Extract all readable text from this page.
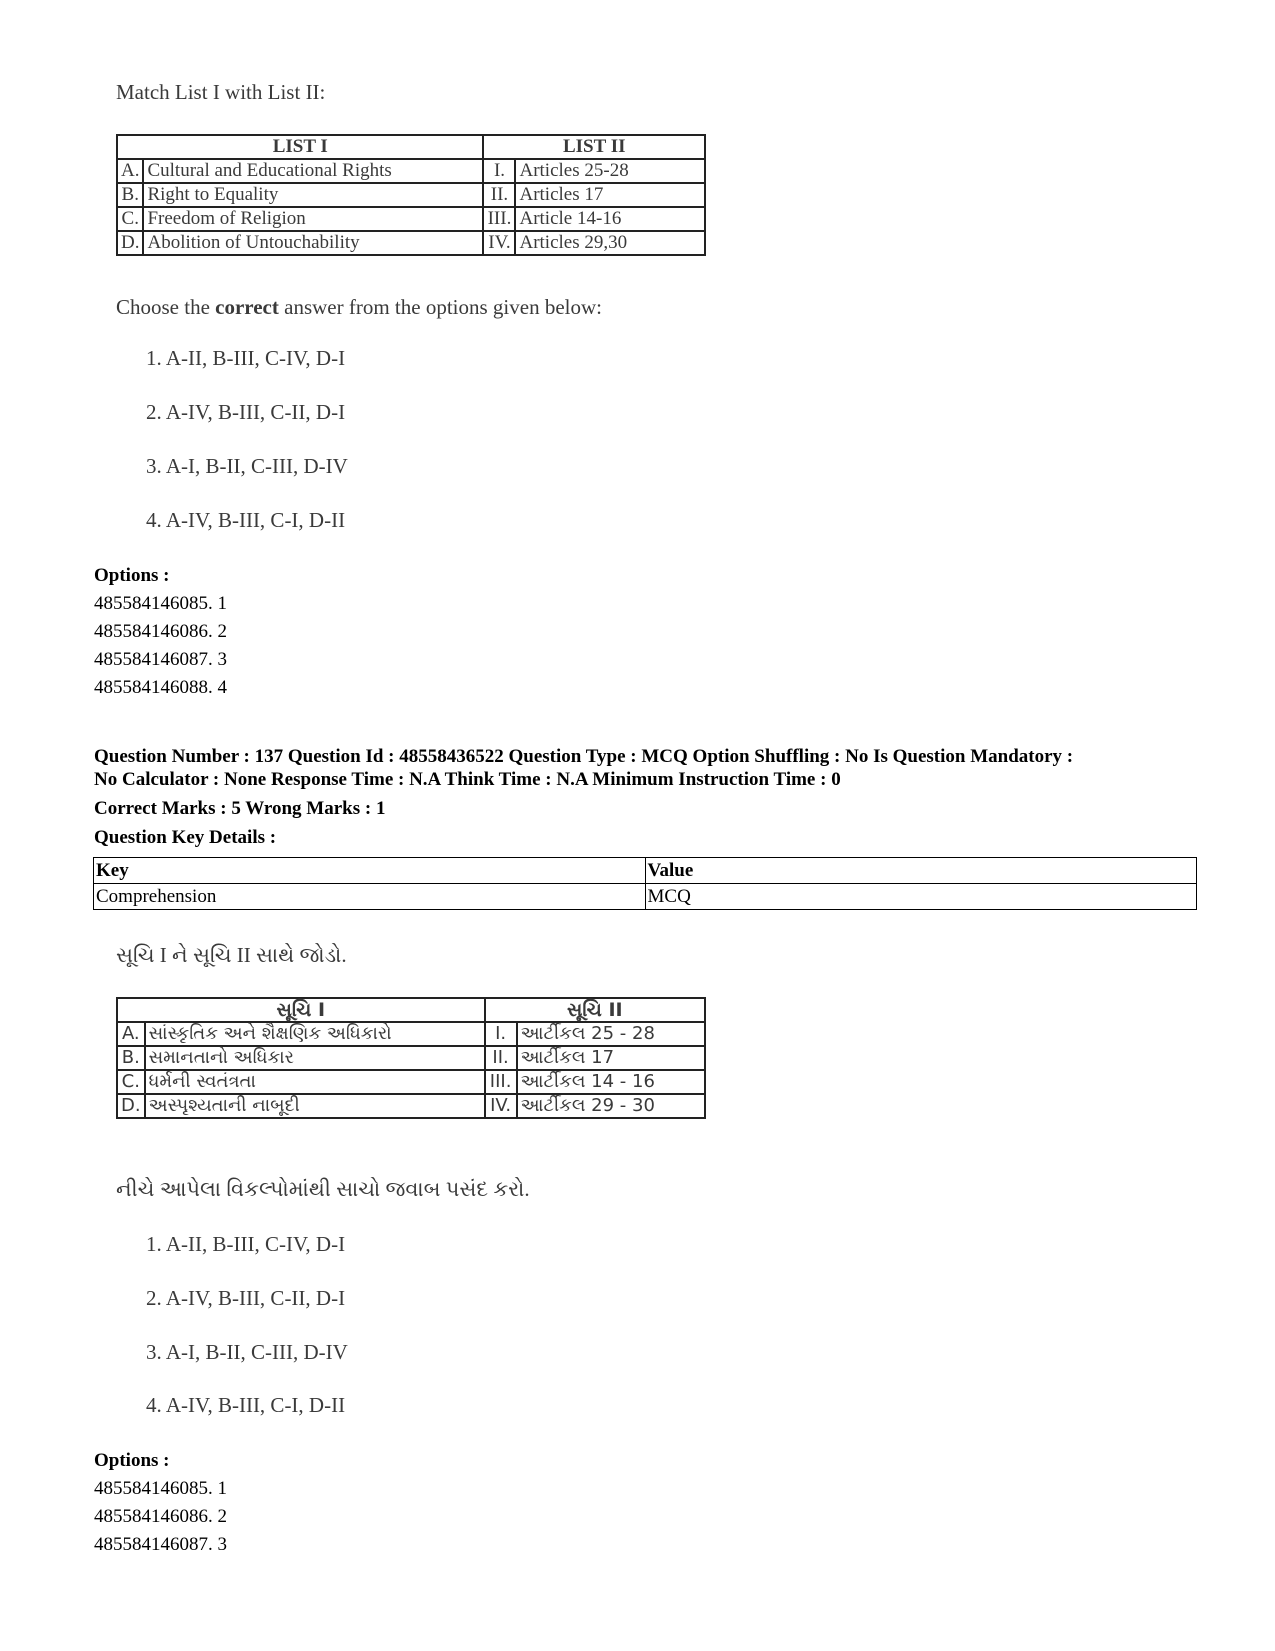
Match List I with List II:

LIST I		LIST II	
A.	Cultural and Educational Rights	I.	Articles 25-28
B.	Right to Equality	II.	Articles 17
C.	Freedom of Religion	III.	Article 14-16
D.	Abolition of Untouchability	IV.	Articles 29,30

Choose the correct answer from the options given below:

1. A-II, B-III, C-IV, D-I

2. A-IV, B-III, C-II, D-I

3. A-I, B-II, C-III, D-IV

4. A-IV, B-III, C-I, D-II

Options :
485584146085. 1
485584146086. 2
485584146087. 3
485584146088. 4
Question Number : 137 Question Id : 48558436522 Question Type : MCQ Option Shuffling : No Is Question Mandatory :
No Calculator : None Response Time : N.A Think Time : N.A Minimum Instruction Time : 0
Correct Marks : 5 Wrong Marks : 1
Question Key Details :
Key	Value
Comprehension	MCQ

સૂચિ I ને સૂચિ II સાથે જોડો.

સૂચિ I		સૂચિ II	
A.	સાંસ્કૃતિક અને શૈક્ષણિક અધિકારો	I.	આર્ટીકલ 25 - 28
B.	સમાનતાનો અધિકાર	II.	આર્ટીકલ 17
C.	ધર્મની સ્વતંત્રતા	III.	આર્ટીકલ 14 - 16
D.	અસ્પૃશ્યતાની નાબૂદી	IV.	આર્ટીકલ 29 - 30

નીચે આપેલા વિકલ્પોમાંથી સાચો જવાબ પસંદ કરો.

1. A-II, B-III, C-IV, D-I

2. A-IV, B-III, C-II, D-I

3. A-I, B-II, C-III, D-IV

4. A-IV, B-III, C-I, D-II

Options :
485584146085. 1
485584146086. 2
485584146087. 3
